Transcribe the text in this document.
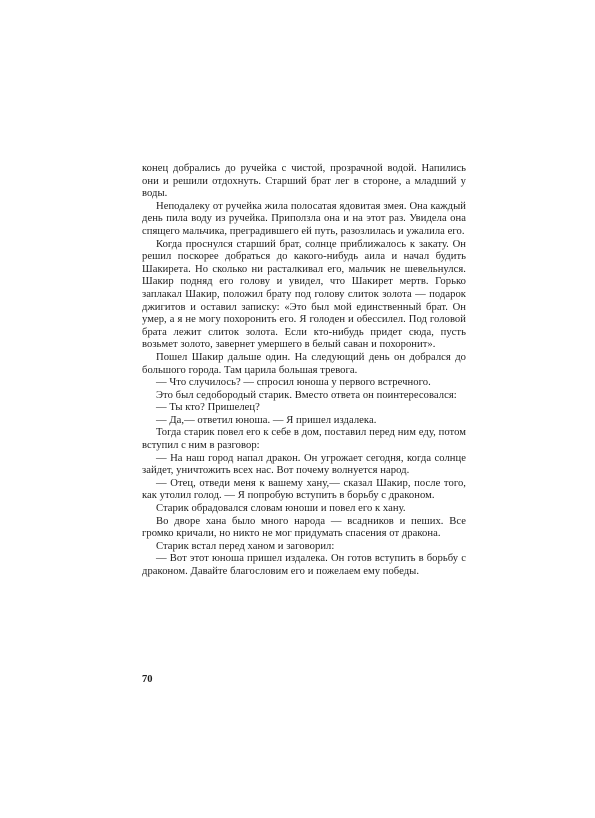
конец добрались до ручейка с чистой, прозрачной водой. Напились они и решили отдохнуть. Старший брат лег в стороне, а младший у воды.

Неподалеку от ручейка жила полосатая ядовитая змея. Она каждый день пила воду из ручейка. Приползла она и на этот раз. Увидела она спящего мальчика, преградившего ей путь, разозлилась и ужалила его.

Когда проснулся старший брат, солнце приближалось к закату. Он решил поскорее добраться до какого-нибудь аила и начал будить Шакирета. Но сколько ни расталкивал его, мальчик не шевельнулся. Шакир подняд его голову и увидел, что Шакирет мертв. Горько заплакал Шакир, положил брату под голову слиток золота — подарок джигитов и оставил записку: «Это был мой единственный брат. Он умер, а я не могу похоронить его. Я голоден и обессилел. Под головой брата лежит слиток золота. Если кто-нибудь придет сюда, пусть возьмет золото, завернет умершего в белый саван и похоронит».

Пошел Шакир дальше один. На следующий день он добрался до большого города. Там царила большая тревога.

— Что случилось? — спросил юноша у первого встречного.

Это был седобородый старик. Вместо ответа он поинтересовался:

— Ты кто? Пришелец?

— Да,— ответил юноша. — Я пришел издалека.

Тогда старик повел его к себе в дом, поставил перед ним еду, потом вступил с ним в разговор:

— На наш город напал дракон. Он угрожает сегодня, когда солнце зайдет, уничтожить всех нас. Вот почему волнуется народ.

— Отец, отведи меня к вашему хану,— сказал Шакир, после того, как утолил голод. — Я попробую вступить в борьбу с драконом.

Старик обрадовался словам юноши и повел его к хану.

Во дворе хана было много народа — всадников и пеших. Все громко кричали, но никто не мог придумать спасения от дракона.

Старик встал перед ханом и заговорил:

— Вот этот юноша пришел издалека. Он готов вступить в борьбу с драконом. Давайте благословим его и пожелаем ему победы.

70
